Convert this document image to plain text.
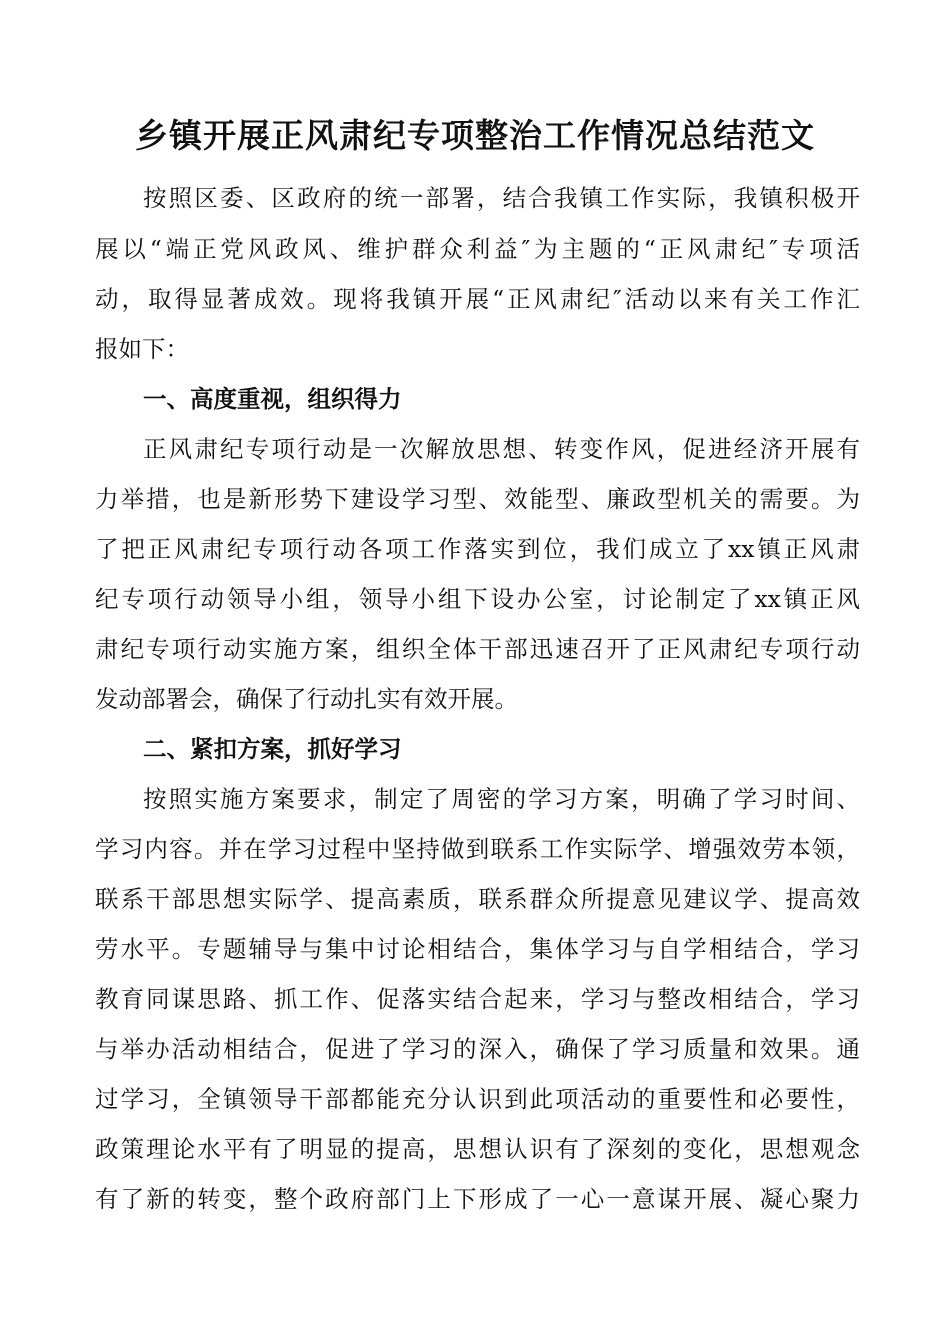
乡镇开展正风肃纪专项整治工作情况总结范文
按照区委、区政府的统一部署，结合我镇工作实际，我镇积极开
展以“端正党风政风、维护群众利益″为主题的“正风肃纪″专项活
动，取得显著成效。现将我镇开展“正风肃纪″活动以来有关工作汇
报如下：
一、高度重视，组织得力
正风肃纪专项行动是一次解放思想、转变作风，促进经济开展有
力举措，也是新形势下建设学习型、效能型、廉政型机关的需要。为
了把正风肃纪专项行动各项工作落实到位，我们成立了xx镇正风肃
纪专项行动领导小组，领导小组下设办公室，讨论制定了xx镇正风
肃纪专项行动实施方案，组织全体干部迅速召开了正风肃纪专项行动
发动部署会，确保了行动扎实有效开展。
二、紧扣方案，抓好学习
按照实施方案要求，制定了周密的学习方案，明确了学习时间、
学习内容。并在学习过程中坚持做到联系工作实际学、增强效劳本领，
联系干部思想实际学、提高素质，联系群众所提意见建议学、提高效
劳水平。专题辅导与集中讨论相结合，集体学习与自学相结合，学习
教育同谋思路、抓工作、促落实结合起来，学习与整改相结合，学习
与举办活动相结合，促进了学习的深入，确保了学习质量和效果。通
过学习，全镇领导干部都能充分认识到此项活动的重要性和必要性，
政策理论水平有了明显的提高，思想认识有了深刻的变化，思想观念
有了新的转变，整个政府部门上下形成了一心一意谋开展、凝心聚力
